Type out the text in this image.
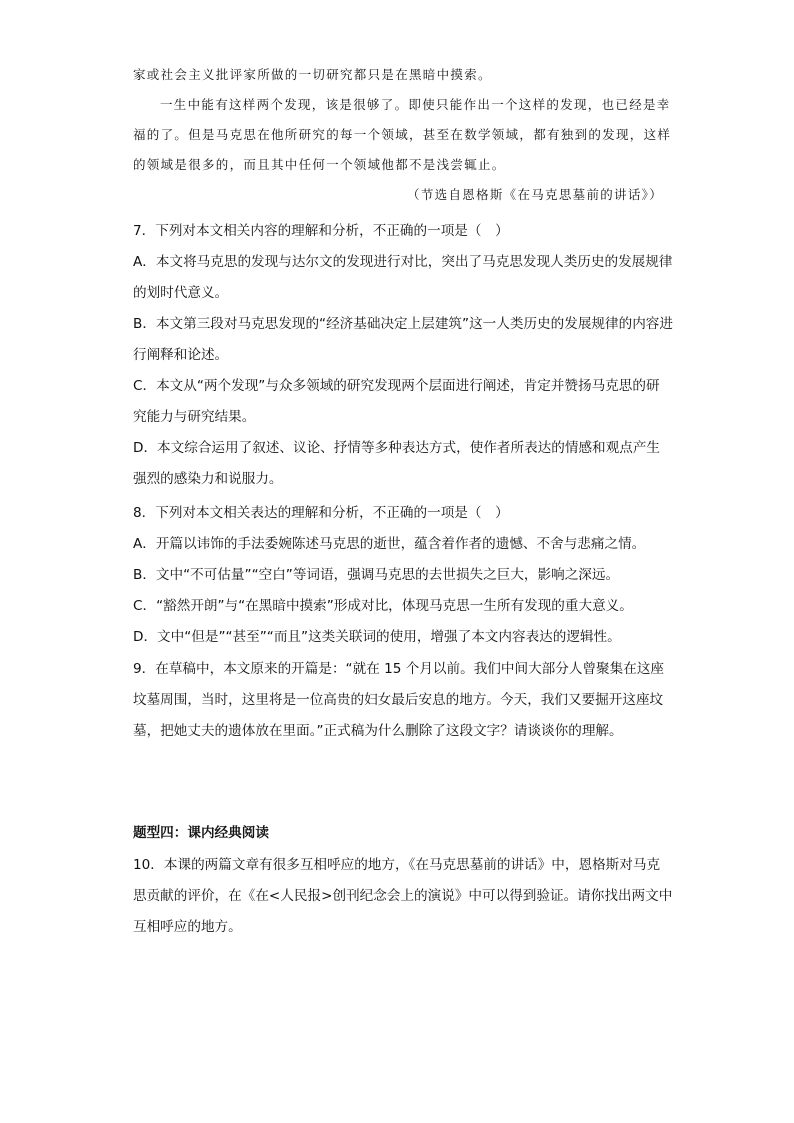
家或社会主义批评家所做的一切研究都只是在黑暗中摸索。

一生中能有这样两个发现，该是很够了。即使只能作出一个这样的发现，也已经是幸福的了。但是马克思在他所研究的每一个领域，甚至在数学领域，都有独到的发现，这样的领域是很多的，而且其中任何一个领域他都不是浅尝辄止。

（节选自恩格斯《在马克思墓前的讲话》）

7．下列对本文相关内容的理解和分析，不正确的一项是（　）

A．本文将马克思的发现与达尔文的发现进行对比，突出了马克思发现人类历史的发展规律的划时代意义。

B．本文第三段对马克思发现的“经济基础决定上层建筑”这一人类历史的发展规律的内容进行阐释和论述。

C．本文从“两个发现”与众多领域的研究发现两个层面进行阐述，肯定并赞扬马克思的研究能力与研究结果。

D．本文综合运用了叙述、议论、抒情等多种表达方式，使作者所表达的情感和观点产生强烈的感染力和说服力。

8．下列对本文相关表达的理解和分析，不正确的一项是（　）

A．开篇以讳饰的手法委婉陈述马克思的逝世，蕴含着作者的遗憾、不舍与悲痛之情。

B．文中“不可估量”“空白”等词语，强调马克思的去世损失之巨大，影响之深远。

C．“豁然开朗”与“在黑暗中摸索”形成对比，体现马克思一生所有发现的重大意义。

D．文中“但是”“甚至”“而且”这类关联词的使用，增强了本文内容表达的逻辑性。

9．在草稿中，本文原来的开篇是：“就在 15 个月以前。我们中间大部分人曾聚集在这座坟墓周围，当时，这里将是一位高贵的妇女最后安息的地方。今天，我们又要掘开这座坟墓，把她丈夫的遗体放在里面。”正式稿为什么删除了这段文字？请谈谈你的理解。

题型四：课内经典阅读

10．本课的两篇文章有很多互相呼应的地方，《在马克思墓前的讲话》中，恩格斯对马克思贡献的评价，在《在<人民报>创刊纪念会上的演说》中可以得到验证。请你找出两文中互相呼应的地方。
